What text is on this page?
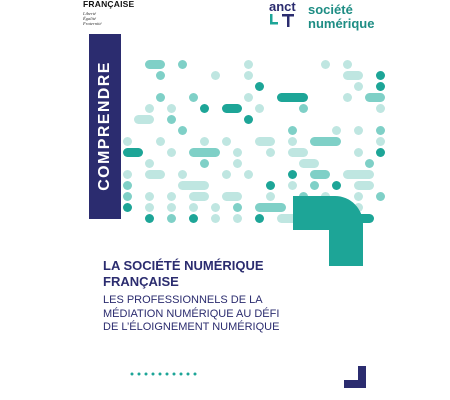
FRANÇAISE
Liberté
Égalité
Fraternité
anct société
numérique
COMPRENDRE
LA SOCIÉTÉ NUMÉRIQUE
FRANÇAISE
LES PROFESSIONNELS DE LA
MÉDIATION NUMÉRIQUE AU DÉFI
DE L’ÉLOIGNEMENT NUMÉRIQUE
